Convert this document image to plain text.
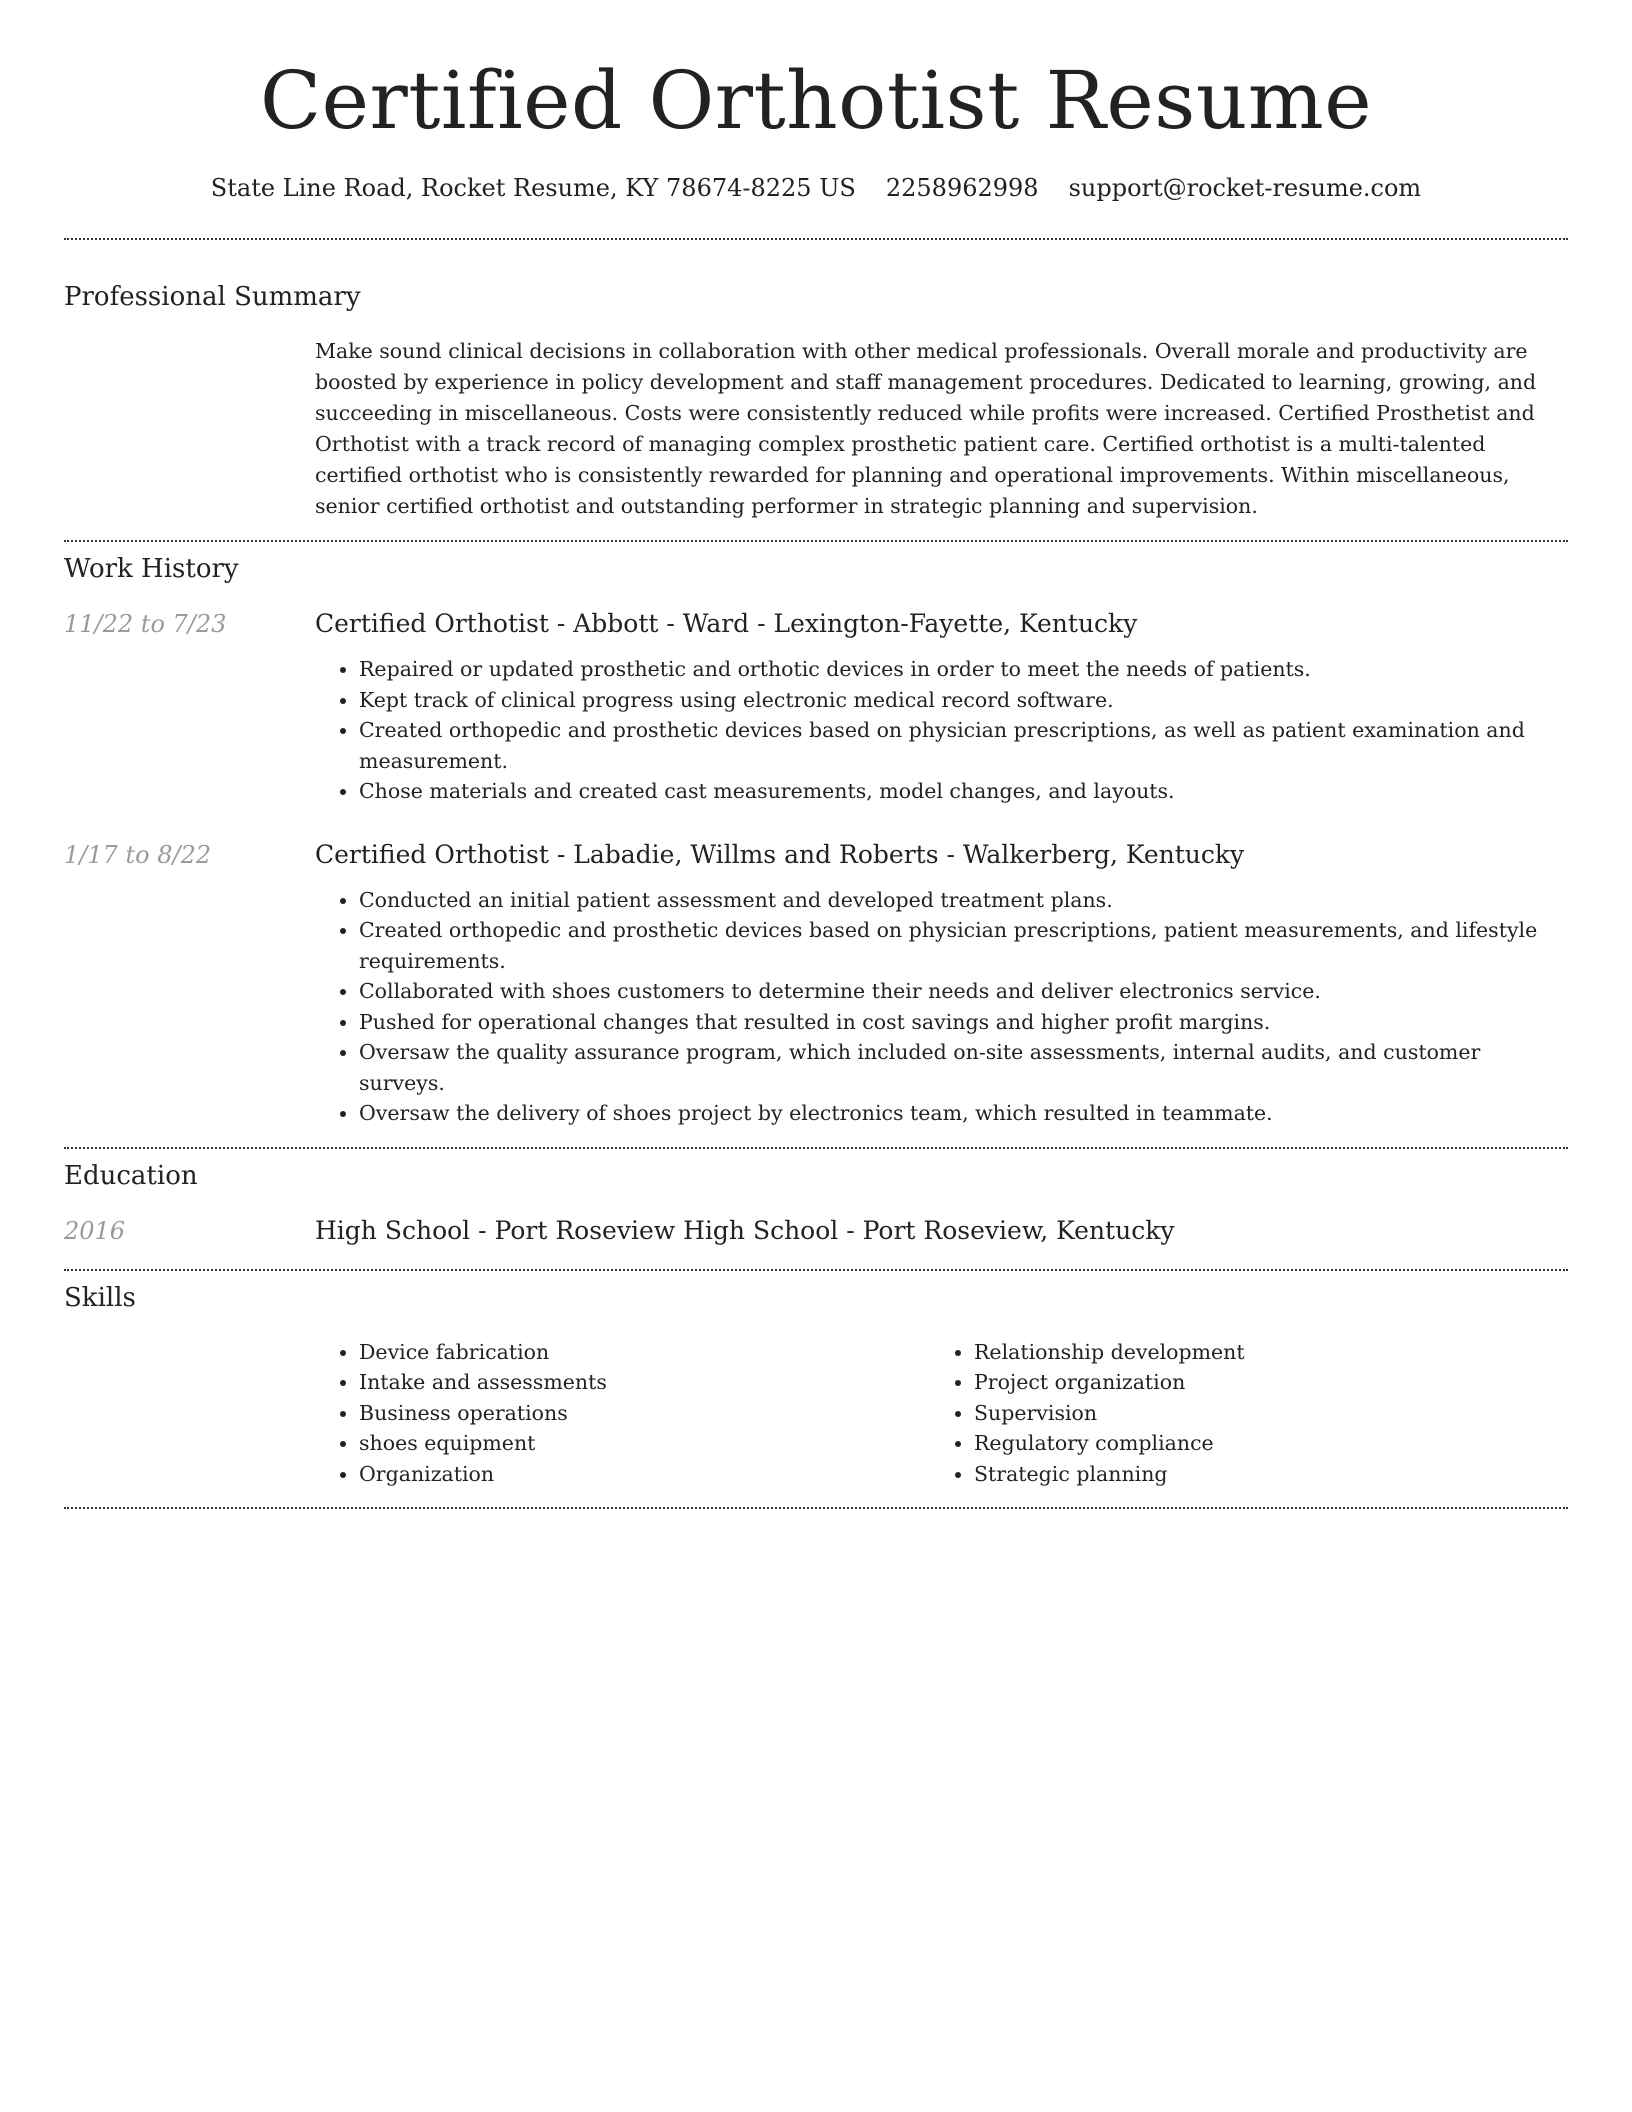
Certified Orthotist Resume
State Line Road, Rocket Resume, KY 78674-8225 US 2258962998 support@rocket-resume.com
Professional Summary

Make sound clinical decisions in collaboration with other medical professionals. Overall morale and productivity are boosted by experience in policy development and staff management procedures. Dedicated to learning, growing, and succeeding in miscellaneous. Costs were consistently reduced while profits were increased. Certified Prosthetist and Orthotist with a track record of managing complex prosthetic patient care. Certified orthotist is a multi-talented certified orthotist who is consistently rewarded for planning and operational improvements. Within miscellaneous, senior certified orthotist and outstanding performer in strategic planning and supervision.

Work History
11/22 to 7/23	Certified Orthotist - Abbott - Ward - Lexington-Fayette, Kentucky
• Repaired or updated prosthetic and orthotic devices in order to meet the needs of patients.
• Kept track of clinical progress using electronic medical record software.
• Created orthopedic and prosthetic devices based on physician prescriptions, as well as patient examination and measurement.
• Chose materials and created cast measurements, model changes, and layouts.
1/17 to 8/22	Certified Orthotist - Labadie, Willms and Roberts - Walkerberg, Kentucky
• Conducted an initial patient assessment and developed treatment plans.
• Created orthopedic and prosthetic devices based on physician prescriptions, patient measurements, and lifestyle requirements.
• Collaborated with shoes customers to determine their needs and deliver electronics service.
• Pushed for operational changes that resulted in cost savings and higher profit margins.
• Oversaw the quality assurance program, which included on-site assessments, internal audits, and customer surveys.
• Oversaw the delivery of shoes project by electronics team, which resulted in teammate.
Education
2016	High School - Port Roseview High School - Port Roseview, Kentucky
Skills
• Device fabrication
• Intake and assessments
• Business operations
• shoes equipment
• Organization
• Relationship development
• Project organization
• Supervision
• Regulatory compliance
• Strategic planning
